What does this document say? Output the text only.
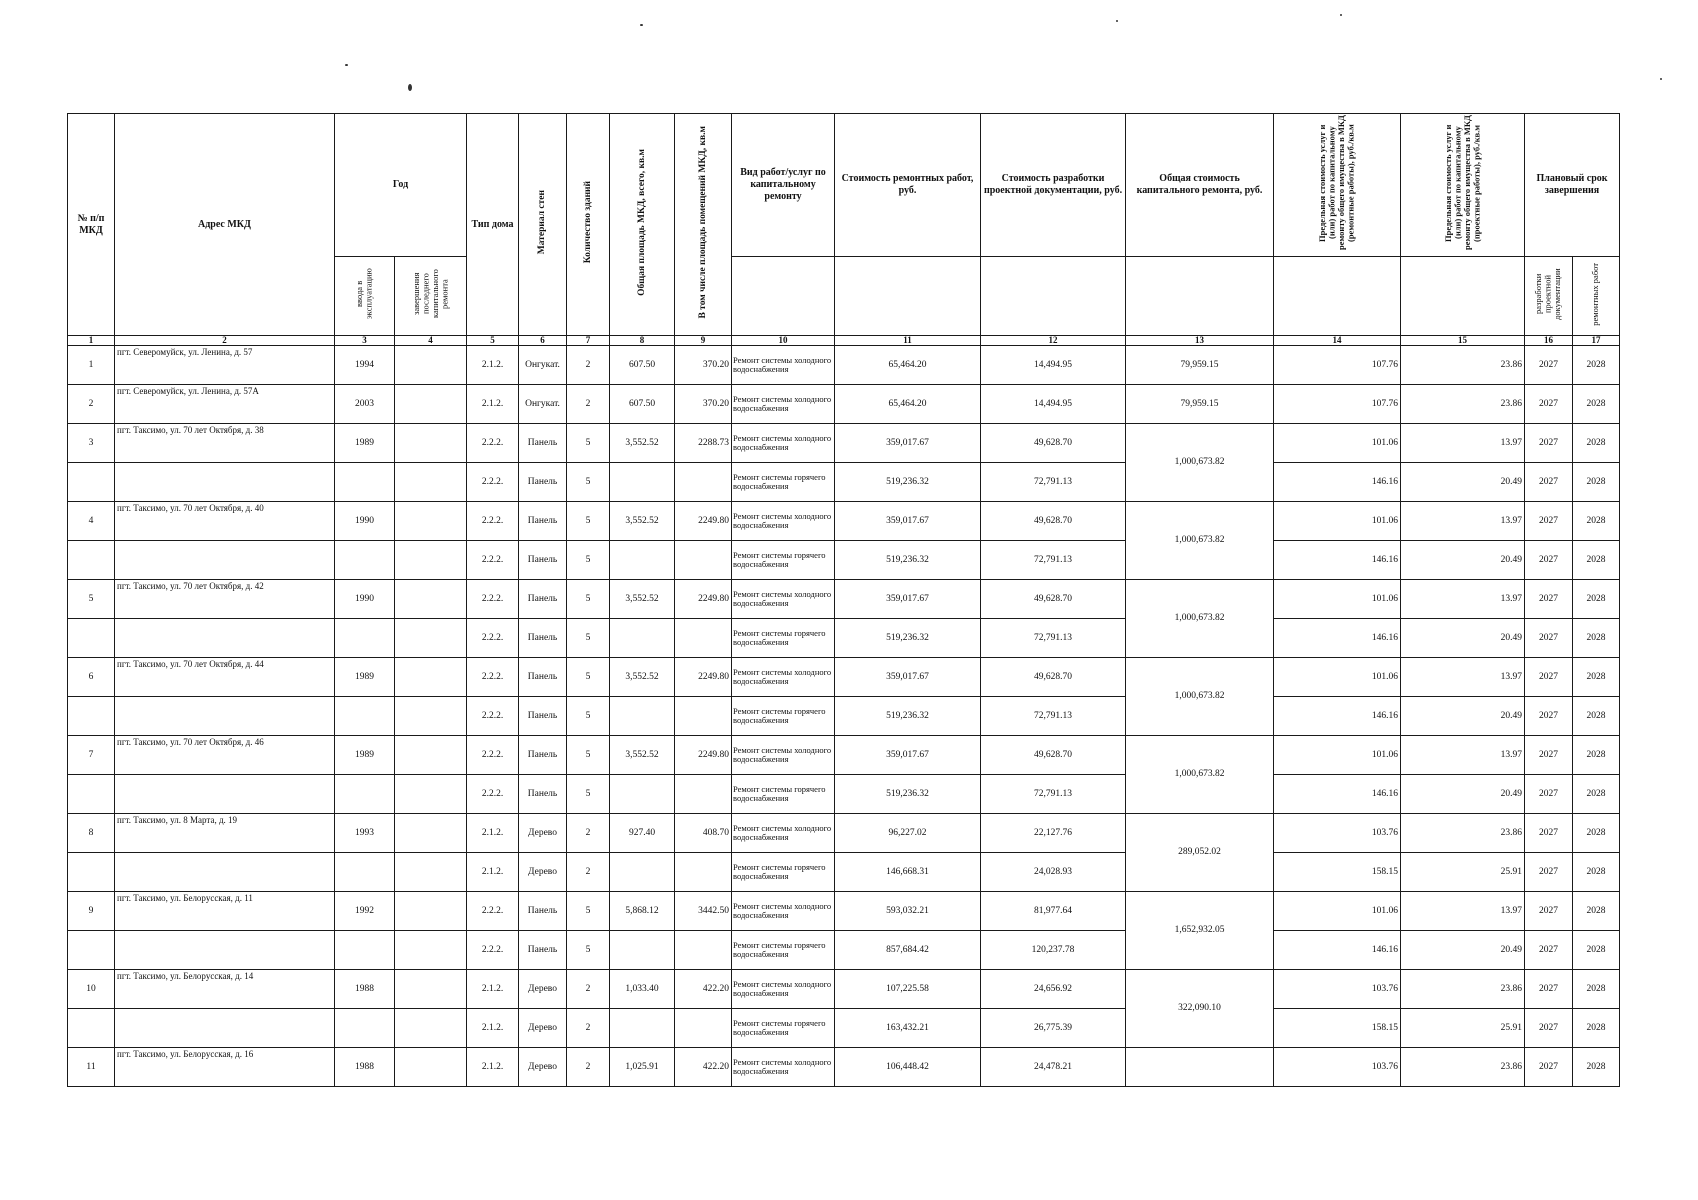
№ п/п МКД	Адрес МКД	Год		Тип дома	Материал стен	Количество зданий	Общая площадь МКД, всего, кв.м	В том числе площадь помещений МКД, кв.м	Вид работ/услуг по капитальному ремонту	Стоимость ремонтных работ, руб.	Стоимость разработки проектной документации, руб.	Общая стоимость капитального ремонта, руб.	Предельная стоимость услуг и (или) работ по капитальному ремонту общего имущества в МКД (ремонтные работы), руб./кв.м	Предельная стоимость услуг и (или) работ по капитальному ремонту общего имущества в МКД (проектные работы), руб./кв.м	Плановый срок завершения	
		ввода в эксплуатацию	завершения последнего капитального ремонта												разработки проектной документации	ремонтных работ
1	2	3	4	5	6	7	8	9	10	11	12	13	14	15	16	17
1	пгт. Северомуйск, ул. Ленина, д. 57	1994		2.1.2.	Онгукат.	2	607.50	370.20	Ремонт системы холодного водоснабжения	65,464.20	14,494.95	79,959.15	107.76	23.86	2027	2028
2	пгт. Северомуйск, ул. Ленина, д. 57А	2003		2.1.2.	Онгукат.	2	607.50	370.20	Ремонт системы холодного водоснабжения	65,464.20	14,494.95	79,959.15	107.76	23.86	2027	2028
3	пгт. Таксимо, ул. 70 лет Октября, д. 38	1989		2.2.2.	Панель	5	3,552.52	2288.73	Ремонт системы холодного водоснабжения	359,017.67	49,628.70	1,000,673.82	101.06	13.97	2027	2028
				2.2.2.	Панель	5			Ремонт системы горячего водоснабжения	519,236.32	72,791.13		146.16	20.49	2027	2028
4	пгт. Таксимо, ул. 70 лет Октября, д. 40	1990		2.2.2.	Панель	5	3,552.52	2249.80	Ремонт системы холодного водоснабжения	359,017.67	49,628.70	1,000,673.82	101.06	13.97	2027	2028
				2.2.2.	Панель	5			Ремонт системы горячего водоснабжения	519,236.32	72,791.13		146.16	20.49	2027	2028
5	пгт. Таксимо, ул. 70 лет Октября, д. 42	1990		2.2.2.	Панель	5	3,552.52	2249.80	Ремонт системы холодного водоснабжения	359,017.67	49,628.70	1,000,673.82	101.06	13.97	2027	2028
				2.2.2.	Панель	5			Ремонт системы горячего водоснабжения	519,236.32	72,791.13		146.16	20.49	2027	2028
6	пгт. Таксимо, ул. 70 лет Октября, д. 44	1989		2.2.2.	Панель	5	3,552.52	2249.80	Ремонт системы холодного водоснабжения	359,017.67	49,628.70	1,000,673.82	101.06	13.97	2027	2028
				2.2.2.	Панель	5			Ремонт системы горячего водоснабжения	519,236.32	72,791.13		146.16	20.49	2027	2028
7	пгт. Таксимо, ул. 70 лет Октября, д. 46	1989		2.2.2.	Панель	5	3,552.52	2249.80	Ремонт системы холодного водоснабжения	359,017.67	49,628.70	1,000,673.82	101.06	13.97	2027	2028
				2.2.2.	Панель	5			Ремонт системы горячего водоснабжения	519,236.32	72,791.13		146.16	20.49	2027	2028
8	пгт. Таксимо, ул. 8 Марта, д. 19	1993		2.1.2.	Дерево	2	927.40	408.70	Ремонт системы холодного водоснабжения	96,227.02	22,127.76	289,052.02	103.76	23.86	2027	2028
				2.1.2.	Дерево	2			Ремонт системы горячего водоснабжения	146,668.31	24,028.93		158.15	25.91	2027	2028
9	пгт. Таксимо, ул. Белорусская, д. 11	1992		2.2.2.	Панель	5	5,868.12	3442.50	Ремонт системы холодного водоснабжения	593,032.21	81,977.64	1,652,932.05	101.06	13.97	2027	2028
				2.2.2.	Панель	5			Ремонт системы горячего водоснабжения	857,684.42	120,237.78		146.16	20.49	2027	2028
10	пгт. Таксимо, ул. Белорусская, д. 14	1988		2.1.2.	Дерево	2	1,033.40	422.20	Ремонт системы холодного водоснабжения	107,225.58	24,656.92	322,090.10	103.76	23.86	2027	2028
				2.1.2.	Дерево	2			Ремонт системы горячего водоснабжения	163,432.21	26,775.39		158.15	25.91	2027	2028
11	пгт. Таксимо, ул. Белорусская, д. 16	1988		2.1.2.	Дерево	2	1,025.91	422.20	Ремонт системы холодного водоснабжения	106,448.42	24,478.21		103.76	23.86	2027	2028
